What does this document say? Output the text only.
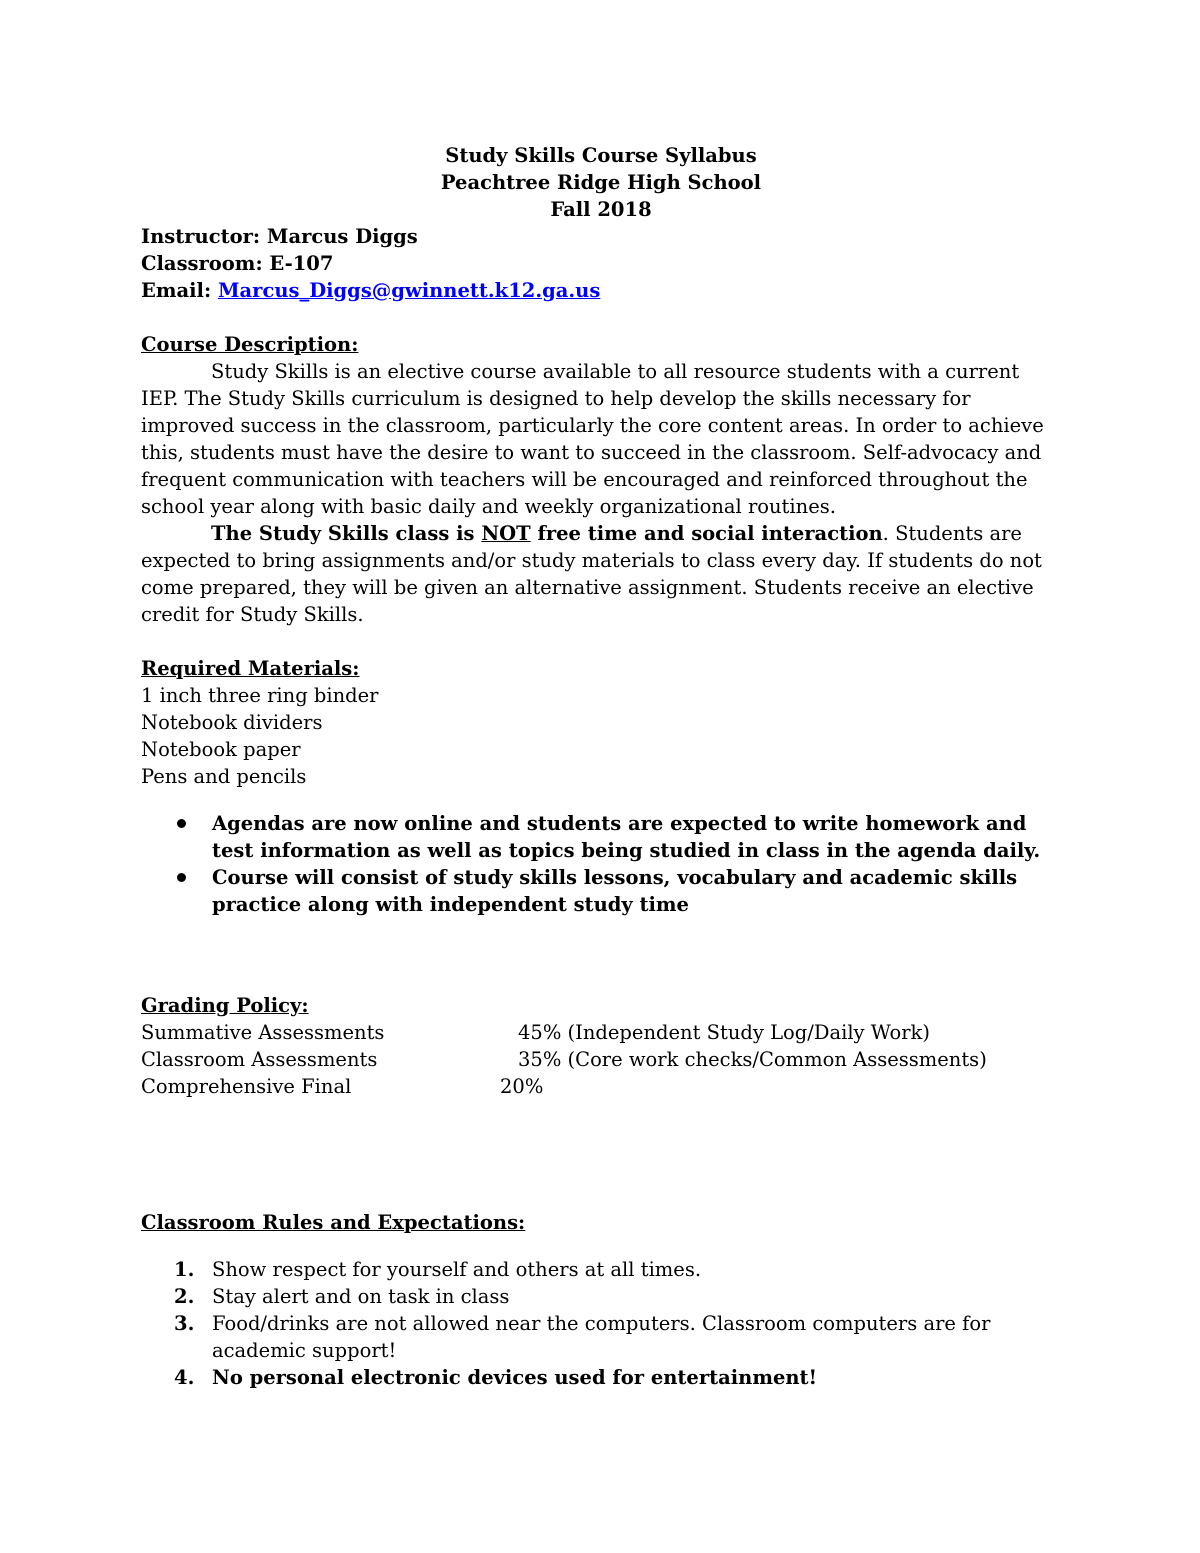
Study Skills Course Syllabus
Peachtree Ridge High School
Fall 2018
Instructor: Marcus Diggs
Classroom: E-107
Email: Marcus_Diggs@gwinnett.k12.ga.us
Course Description:
Study Skills is an elective course available to all resource students with a current IEP. The Study Skills curriculum is designed to help develop the skills necessary for improved success in the classroom, particularly the core content areas. In order to achieve this, students must have the desire to want to succeed in the classroom. Self-advocacy and frequent communication with teachers will be encouraged and reinforced throughout the school year along with basic daily and weekly organizational routines.
The Study Skills class is NOT free time and social interaction. Students are expected to bring assignments and/or study materials to class every day. If students do not come prepared, they will be given an alternative assignment. Students receive an elective credit for Study Skills.
Required Materials:
1 inch three ring binder
Notebook dividers
Notebook paper
Pens and pencils
Agendas are now online and students are expected to write homework and test information as well as topics being studied in class in the agenda daily.
Course will consist of study skills lessons, vocabulary and academic skills practice along with independent study time
Grading Policy:
Summative Assessments	45% (Independent Study Log/Daily Work)
Classroom Assessments	35% (Core work checks/Common Assessments)
Comprehensive Final	20%
Classroom Rules and Expectations:
1. Show respect for yourself and others at all times.
2. Stay alert and on task in class
3. Food/drinks are not allowed near the computers. Classroom computers are for academic support!
4. No personal electronic devices used for entertainment!
